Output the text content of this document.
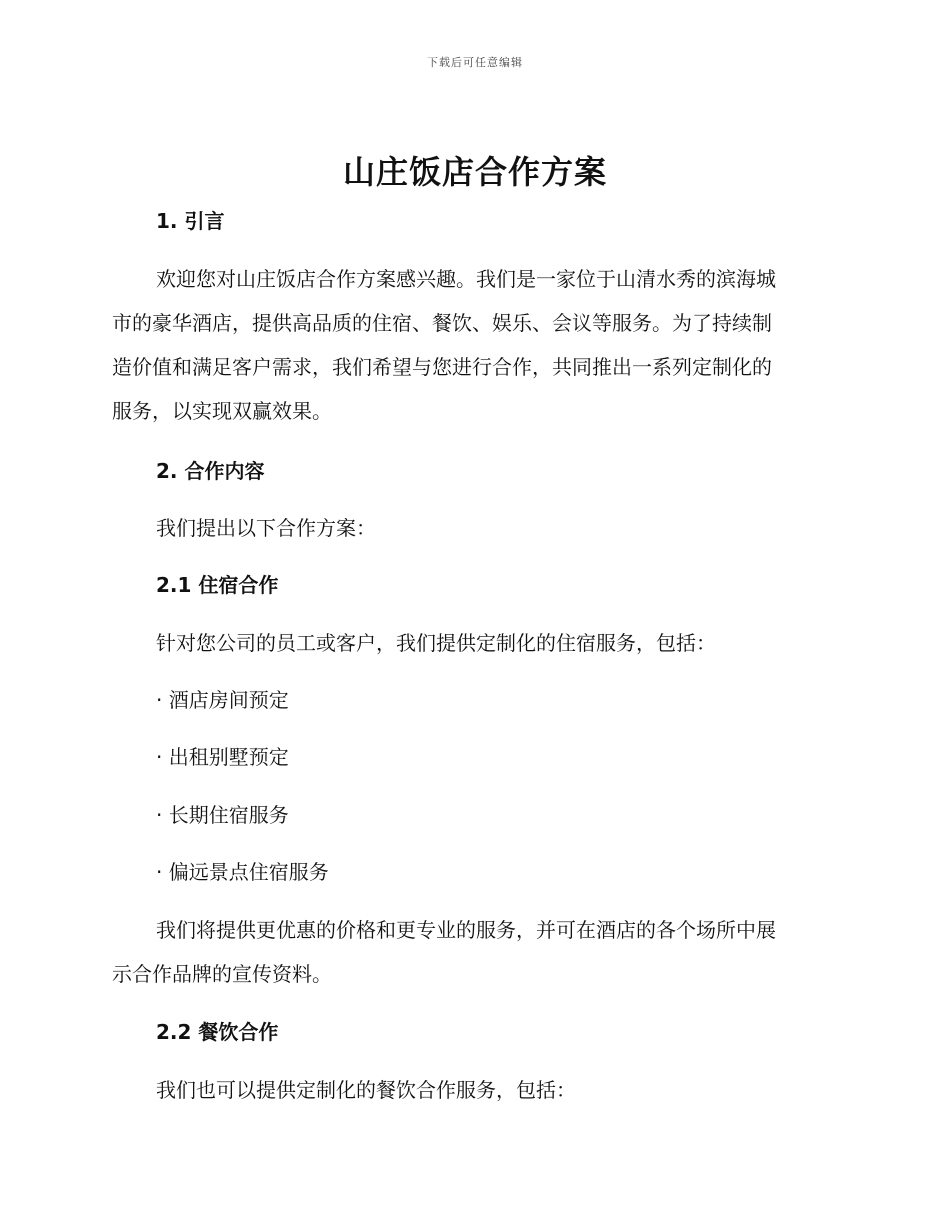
下载后可任意编辑
山庄饭店合作方案
1. 引言
欢迎您对山庄饭店合作方案感兴趣。我们是一家位于山清水秀的滨海城
市的豪华酒店，提供高品质的住宿、餐饮、娱乐、会议等服务。为了持续制
造价值和满足客户需求，我们希望与您进行合作，共同推出一系列定制化的
服务，以实现双赢效果。
2. 合作内容
我们提出以下合作方案：
2.1 住宿合作
针对您公司的员工或客户，我们提供定制化的住宿服务，包括：
· 酒店房间预定
· 出租别墅预定
· 长期住宿服务
· 偏远景点住宿服务
我们将提供更优惠的价格和更专业的服务，并可在酒店的各个场所中展
示合作品牌的宣传资料。
2.2 餐饮合作
我们也可以提供定制化的餐饮合作服务，包括：
